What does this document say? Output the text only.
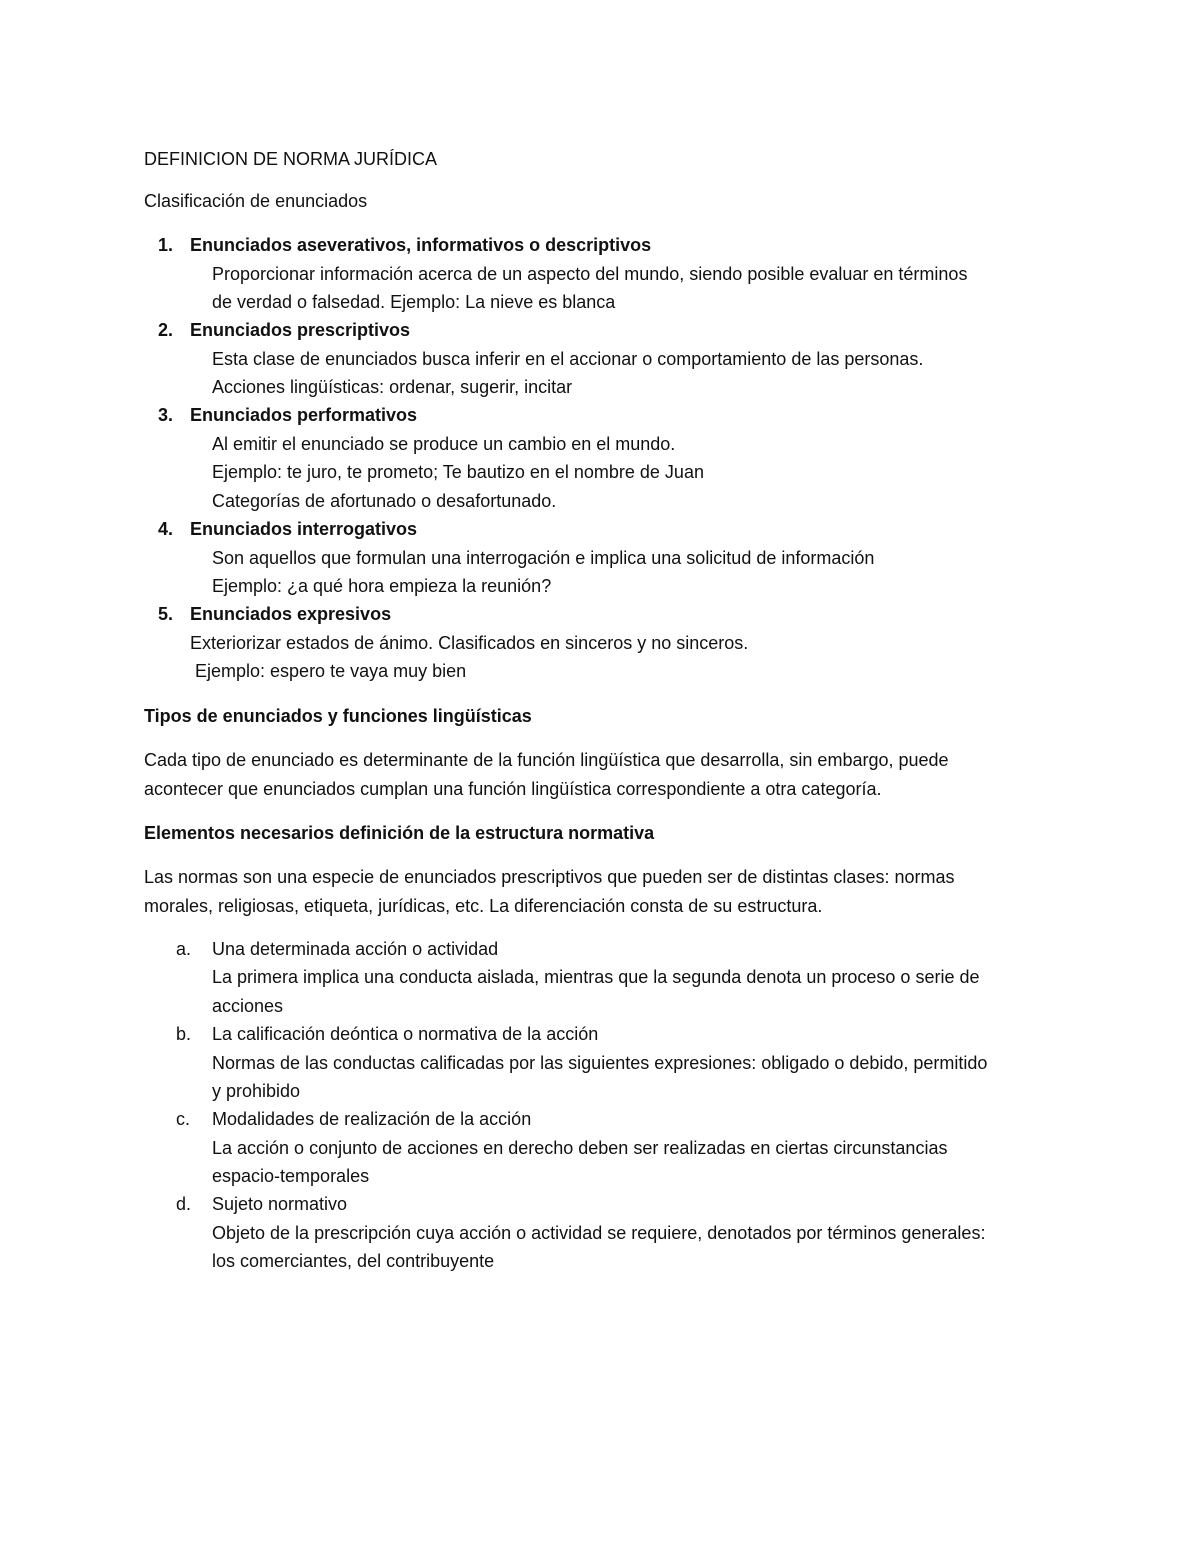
DEFINICION DE NORMA JURÍDICA
Clasificación de enunciados
1. Enunciados aseverativos, informativos o descriptivos
Proporcionar información acerca de un aspecto del mundo, siendo posible evaluar en términos
de verdad o falsedad. Ejemplo: La nieve es blanca
2. Enunciados prescriptivos
Esta clase de enunciados busca inferir en el accionar o comportamiento de las personas.
Acciones lingüísticas: ordenar, sugerir, incitar
3. Enunciados performativos
Al emitir el enunciado se produce un cambio en el mundo.
Ejemplo: te juro, te prometo; Te bautizo en el nombre de Juan
Categorías de afortunado o desafortunado.
4. Enunciados interrogativos
Son aquellos que formulan una interrogación e implica una solicitud de información
Ejemplo: ¿a qué hora empieza la reunión?
5. Enunciados expresivos
Exteriorizar estados de ánimo. Clasificados en sinceros y no sinceros.
Ejemplo: espero te vaya muy bien
Tipos de enunciados y funciones lingüísticas
Cada tipo de enunciado es determinante de la función lingüística que desarrolla, sin embargo, puede
acontecer que enunciados cumplan una función lingüística correspondiente a otra categoría.
Elementos necesarios definición de la estructura normativa
Las normas son una especie de enunciados prescriptivos que pueden ser de distintas clases: normas
morales, religiosas, etiqueta, jurídicas, etc. La diferenciación consta de su estructura.
a. Una determinada acción o actividad
La primera implica una conducta aislada, mientras que la segunda denota un proceso o serie de
acciones
b. La calificación deóntica o normativa de la acción
Normas de las conductas calificadas por las siguientes expresiones: obligado o debido, permitido
y prohibido
c. Modalidades de realización de la acción
La acción o conjunto de acciones en derecho deben ser realizadas en ciertas circunstancias
espacio-temporales
d. Sujeto normativo
Objeto de la prescripción cuya acción o actividad se requiere, denotados por términos generales:
los comerciantes, del contribuyente
